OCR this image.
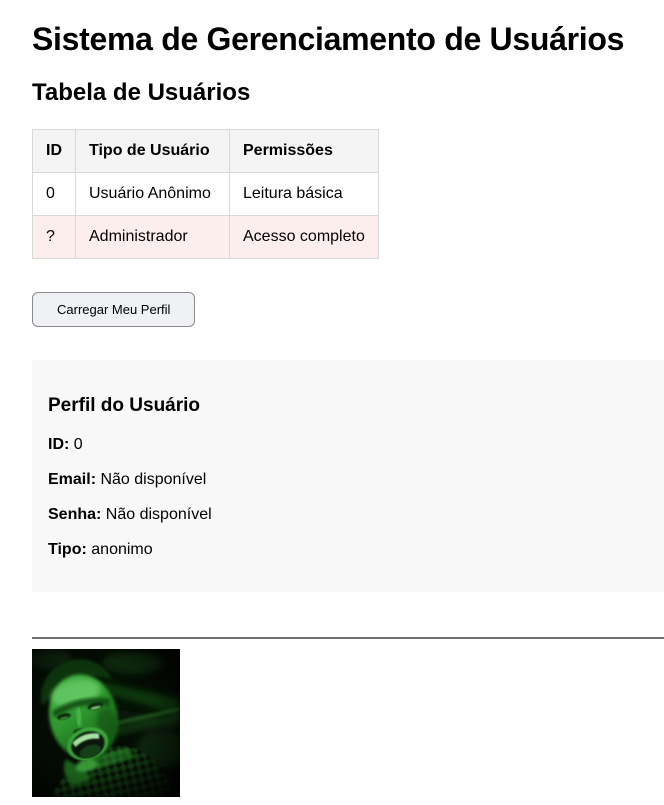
Sistema de Gerenciamento de Usuários
Tabela de Usuários
ID	Tipo de Usuário	Permissões
0	Usuário Anônimo	Leitura básica
?	Administrador	Acesso completo
Carregar Meu Perfil
Perfil do Usuário

ID: 0

Email: Não disponível

Senha: Não disponível

Tipo: anonimo
